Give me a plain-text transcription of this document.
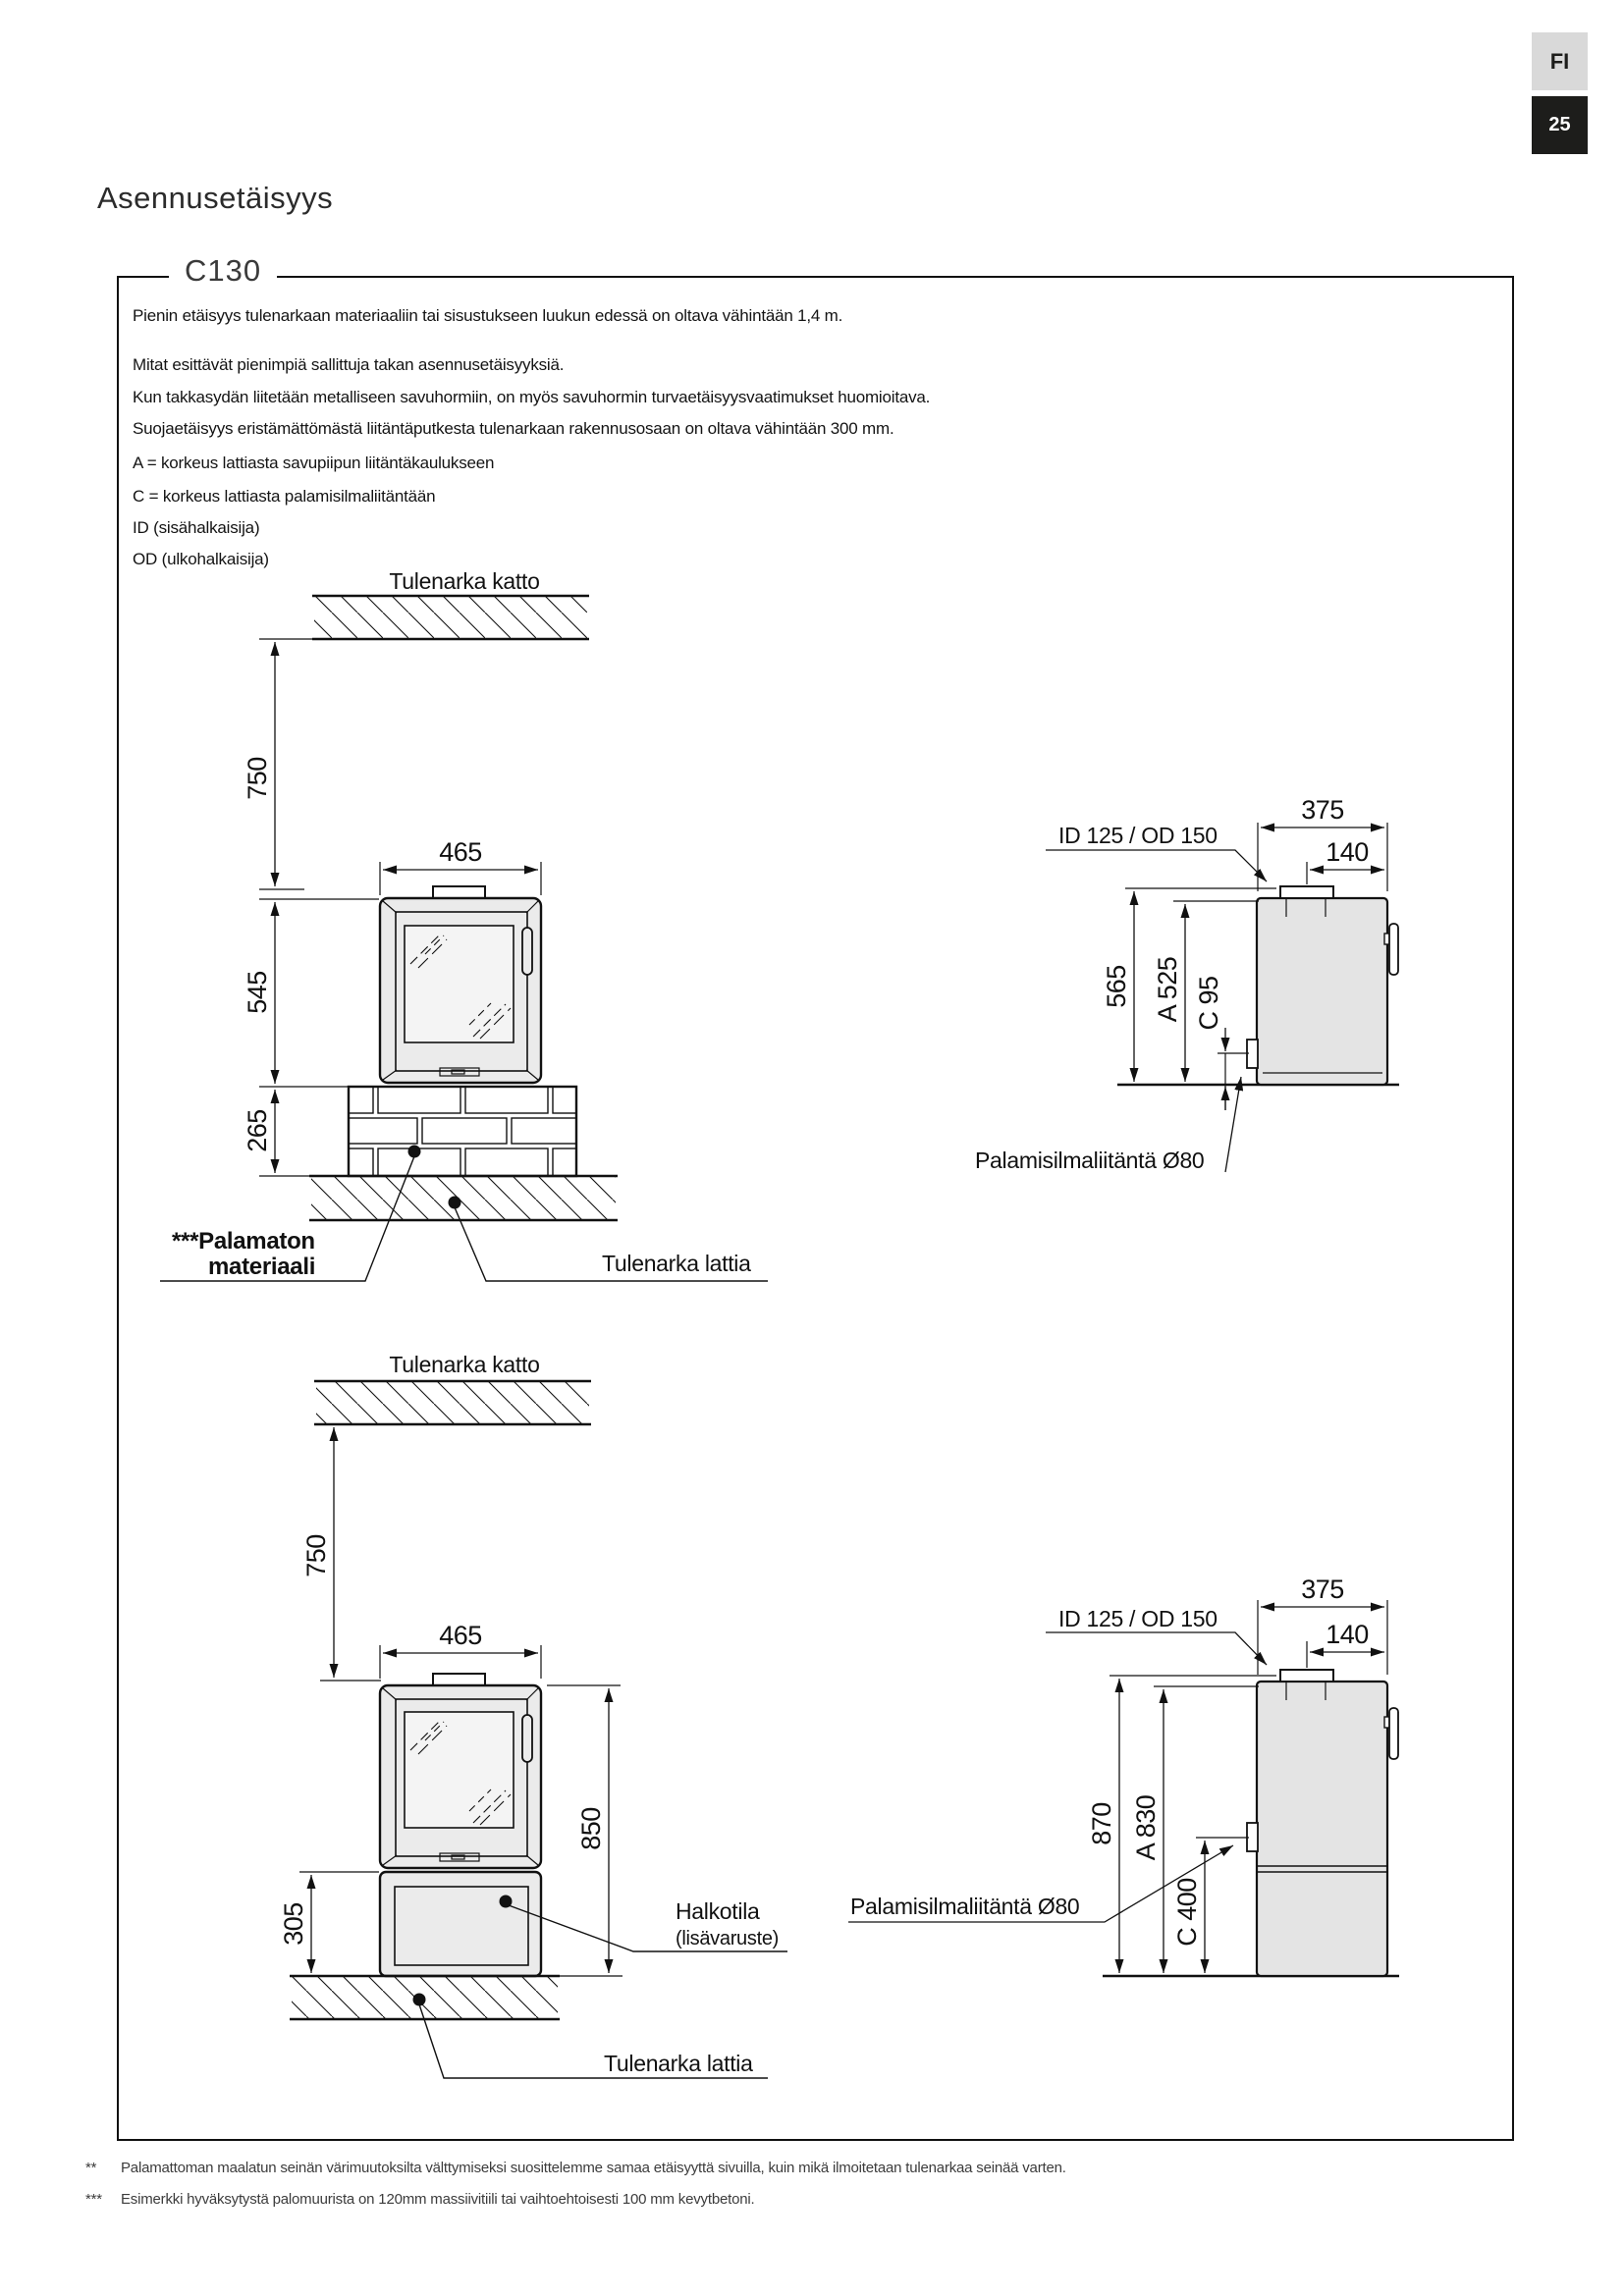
FI
25
Asennusetäisyys
C130
Pienin etäisyys tulenarkaan materiaaliin tai sisustukseen luukun edessä on oltava vähintään 1,4 m.
Mitat esittävät pienimpiä sallittuja takan asennusetäisyyksiä.
Kun takkasydän liitetään metalliseen savuhormiin, on myös savuhormin turvaetäisyysvaatimukset huomioitava.
Suojaetäisyys eristämättömästä liitäntäputkesta tulenarkaan rakennusosaan on oltava vähintään 300 mm.
A = korkeus lattiasta savupiipun liitäntäkaulukseen
C = korkeus lattiasta palamisilmaliitäntään
ID (sisähalkaisija)
OD (ulkohalkaisija)
Tulenarka katto
750
545
265
465
***Palamaton
materiaali	Tulenarka lattia
375
140
ID 125 / OD 150
565 A 525 C 95
Palamisilmaliitäntä Ø80
Tulenarka katto
750
465
305
850
Halkotila
(lisävaruste)
Tulenarka lattia
375
140
ID 125 / OD 150
870 A 830
C 400
Palamisilmaliitäntä Ø80
**	Palamattoman maalatun seinän värimuutoksilta välttymiseksi suosittelemme samaa etäisyyttä sivuilla, kuin mikä ilmoitetaan tulenarkaa seinää varten.
***	Esimerkki hyväksytystä palomuurista on 120mm massiivitiili tai vaihtoehtoisesti 100 mm kevytbetoni.
